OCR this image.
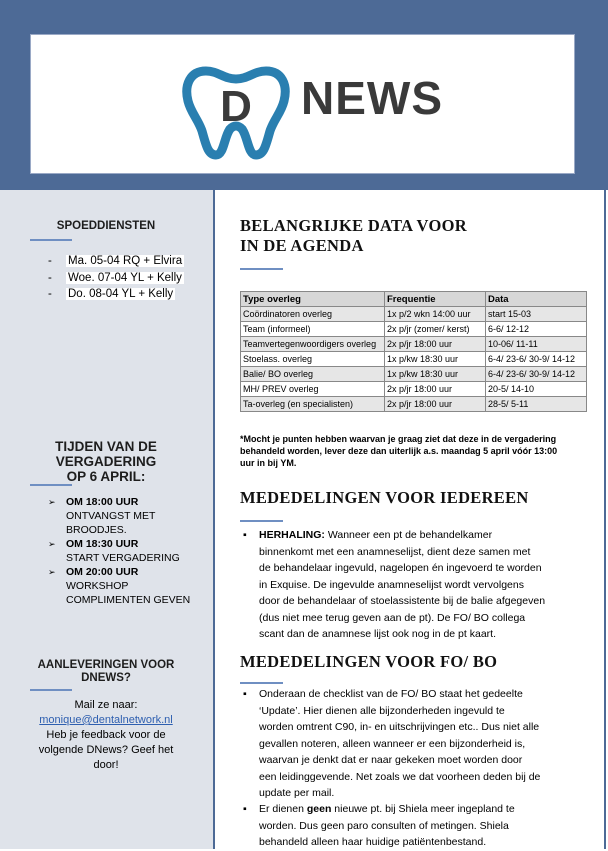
D NEWS
SPOEDDIENSTEN
- Ma. 05-04 RQ + Elvira
- Woe. 07-04 YL + Kelly
- Do. 08-04 YL + Kelly
TIJDEN VAN DE
VERGADERING
OP 6 APRIL:
➢ OM 18:00 UUR
ONTVANGST MET
BROODJES.
➢ OM 18:30 UUR
START VERGADERING
➢ OM 20:00 UUR
WORKSHOP
COMPLIMENTEN GEVEN
AANLEVERINGEN VOOR
DNEWS?
Mail ze naar:
monique@dentalnetwork.nl
Heb je feedback voor de
volgende DNews? Geef het
door!
BELANGRIJKE DATA VOOR
IN DE AGENDA
Type overleg	Frequentie	Data
Coördinatoren overleg	1x p/2 wkn 14:00 uur	start 15-03
Team (informeel)	2x p/jr (zomer/ kerst)	6-6/ 12-12
Teamvertegenwoordigers overleg	2x p/jr 18:00 uur	10-06/ 11-11
Stoelass. overleg	1x p/kw 18:30 uur	6-4/ 23-6/ 30-9/ 14-12
Balie/ BO overleg	1x p/kw 18:30 uur	6-4/ 23-6/ 30-9/ 14-12
MH/ PREV overleg	2x p/jr 18:00 uur	20-5/ 14-10
Ta-overleg (en specialisten)	2x p/jr 18:00 uur	28-5/ 5-11
*Mocht je punten hebben waarvan je graag ziet dat deze in de vergadering
behandeld worden, lever deze dan uiterlijk a.s. maandag 5 april vóór 13:00
uur in bij YM.
MEDEDELINGEN VOOR IEDEREEN
▪	HERHALING: Wanneer een pt de behandelkamer
binnenkomt met een anamneselijst, dient deze samen met
de behandelaar ingevuld, nagelopen én ingevoerd te worden
in Exquise. De ingevulde anamneselijst wordt vervolgens
door de behandelaar of stoelassistente bij de balie afgegeven
(dus niet mee terug geven aan de pt). De FO/ BO collega
scant dan de anamnese lijst ook nog in de pt kaart.
MEDEDELINGEN VOOR FO/ BO
▪	Onderaan de checklist van de FO/ BO staat het gedeelte
‘Update’. Hier dienen alle bijzonderheden ingevuld te
worden omtrent C90, in- en uitschrijvingen etc.. Dus niet alle
gevallen noteren, alleen wanneer er een bijzonderheid is,
waarvan je denkt dat er naar gekeken moet worden door
een leidinggevende. Net zoals we dat voorheen deden bij de
update per mail.
▪	Er dienen geen nieuwe pt. bij Shiela meer ingepland te
worden. Dus geen paro consulten of metingen. Shiela
behandeld alleen haar huidige patiëntenbestand.
